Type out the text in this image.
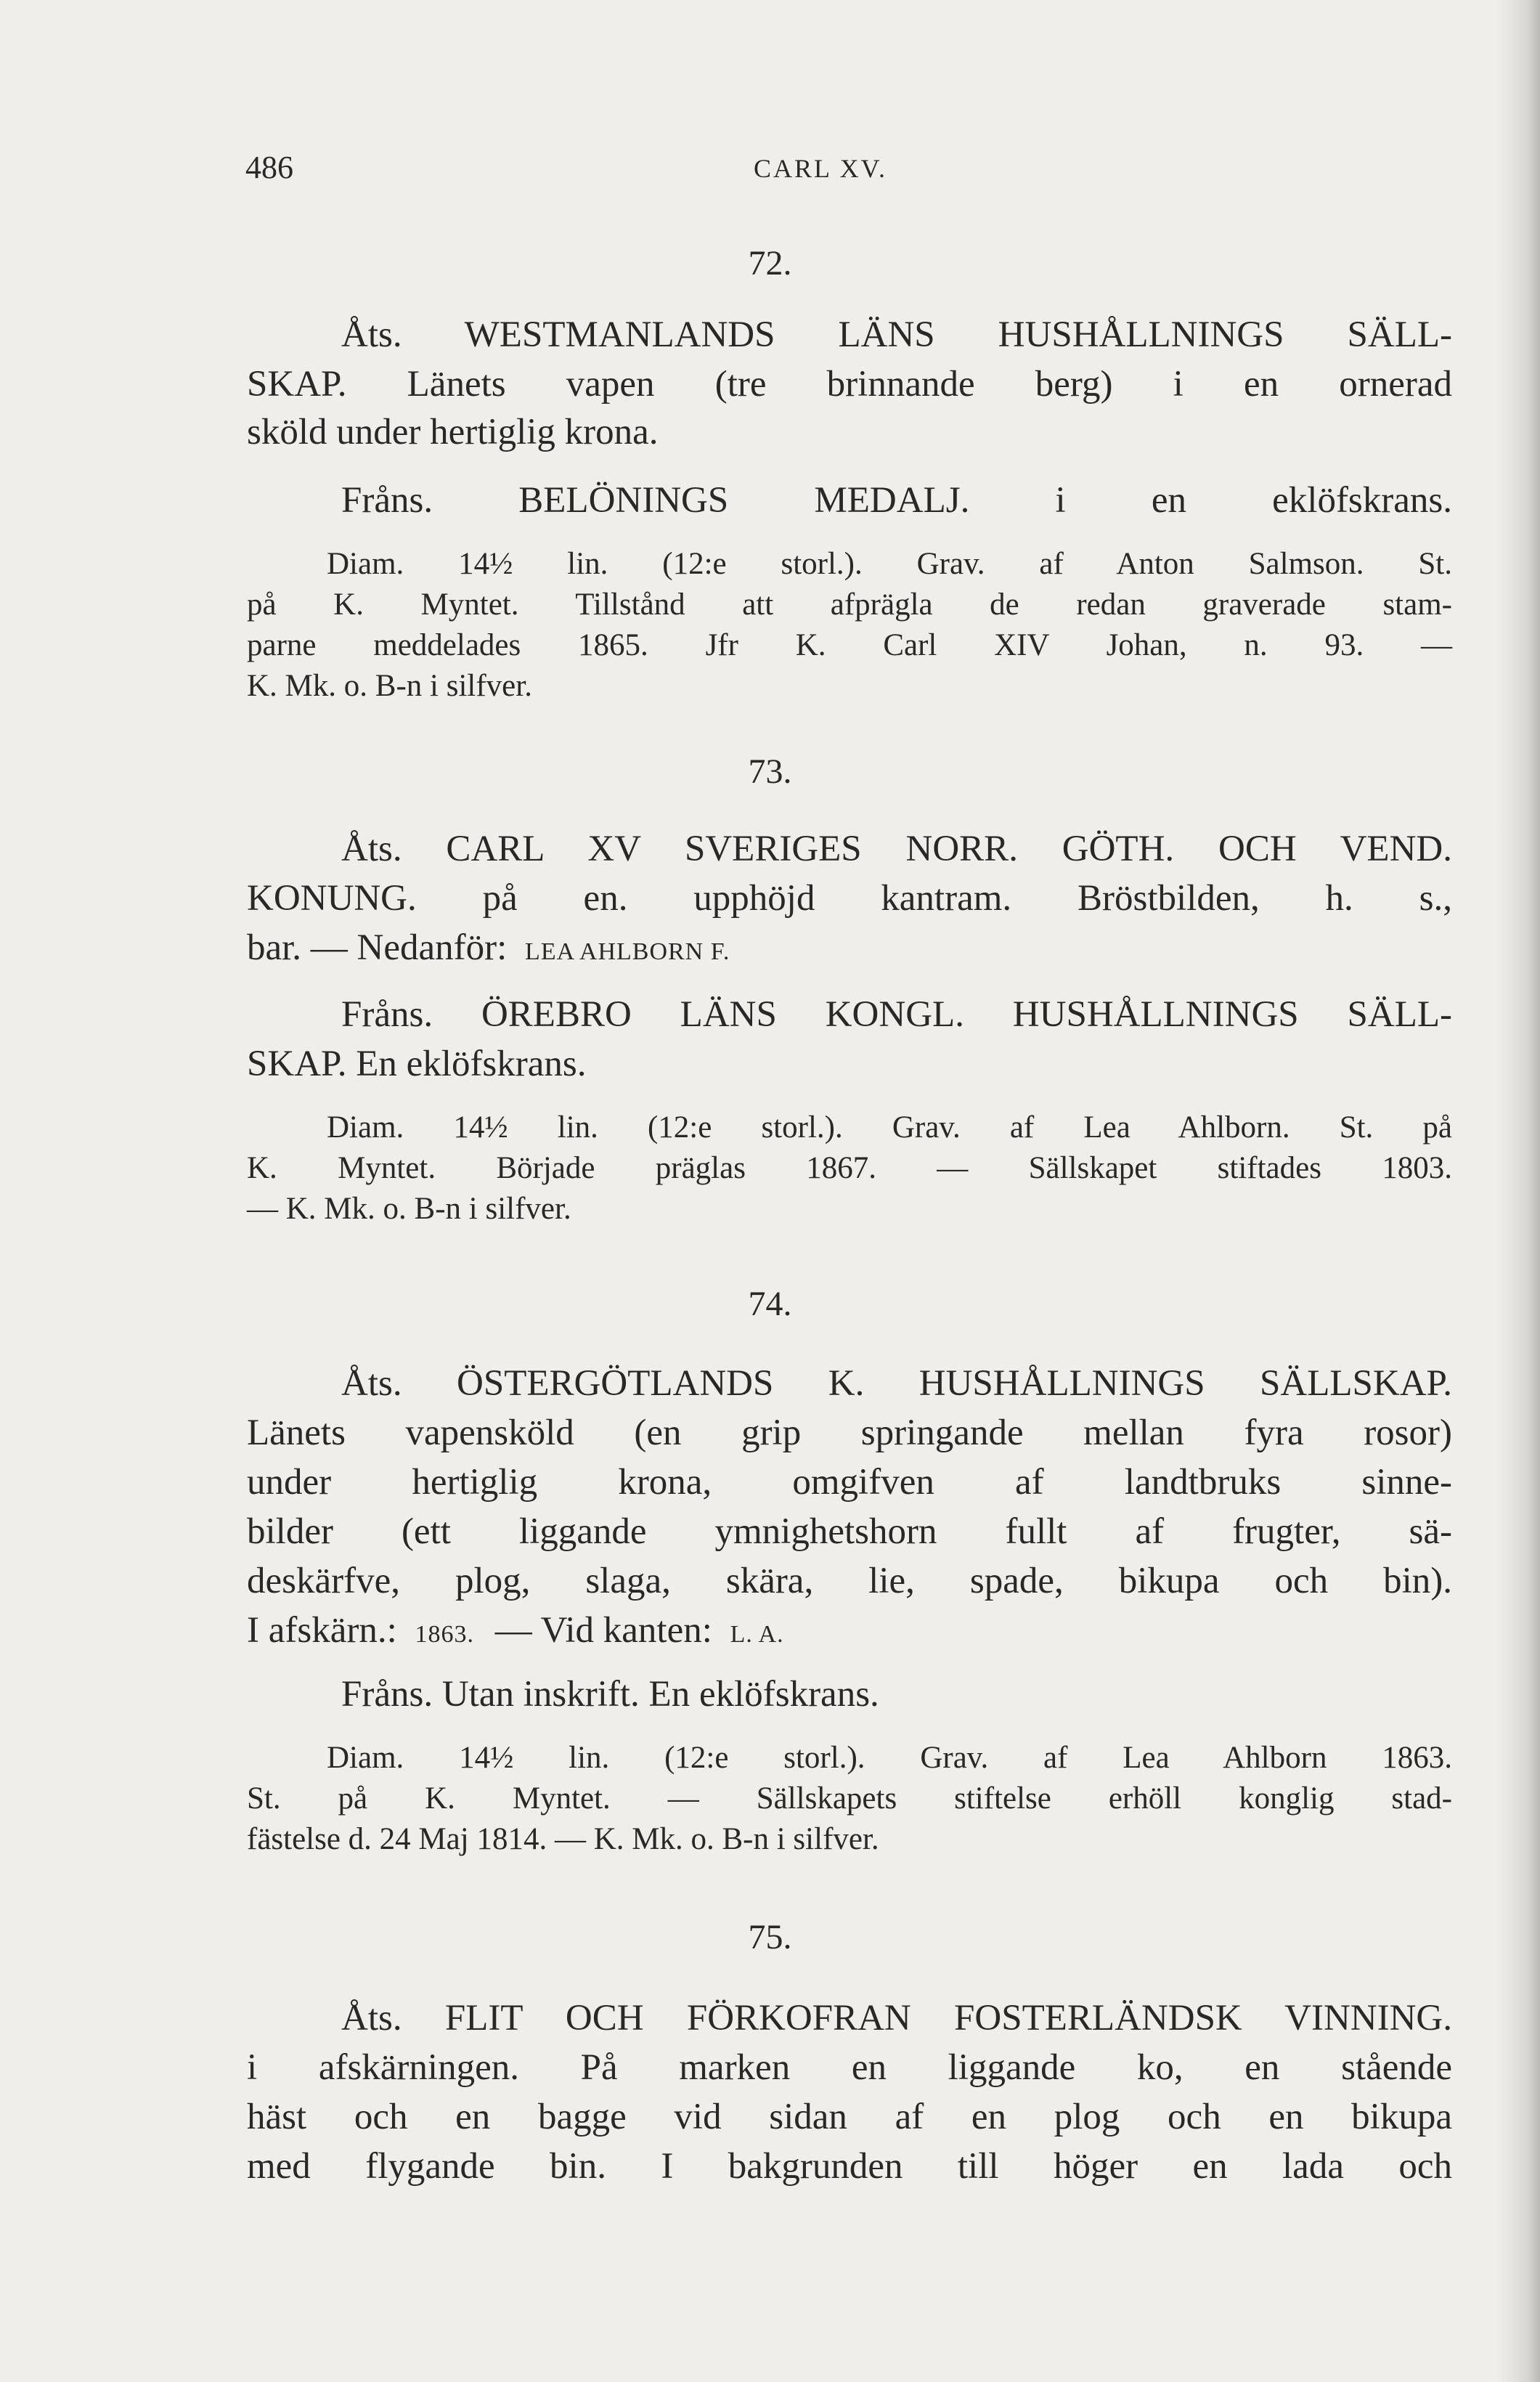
486	CARL XV.
72.
Åts. WESTMANLANDS LÄNS HUSHÅLLNINGS SÄLL-
SKAP. Länets vapen (tre brinnande berg) i en ornerad
sköld under hertiglig krona.
Fråns. BELÖNINGS MEDALJ. i en eklöfskrans.
Diam. 14½ lin. (12:e storl.). Grav. af Anton Salmson. St.
på K. Myntet. Tillstånd att afprägla de redan graverade stam-
parne meddelades 1865. Jfr K. Carl XIV Johan, n. 93. —
K. Mk. o. B-n i silfver.
73.
Åts. CARL XV SVERIGES NORR. GÖTH. OCH VEND.
KONUNG. på en. upphöjd kantram. Bröstbilden, h. s.,
bar. — Nedanför: LEA AHLBORN F.
Fråns. ÖREBRO LÄNS KONGL. HUSHÅLLNINGS SÄLL-
SKAP. En eklöfskrans.
Diam. 14½ lin. (12:e storl.). Grav. af Lea Ahlborn. St. på
K. Myntet. Började präglas 1867. — Sällskapet stiftades 1803.
— K. Mk. o. B-n i silfver.
74.
Åts. ÖSTERGÖTLANDS K. HUSHÅLLNINGS SÄLLSKAP.
Länets vapensköld (en grip springande mellan fyra rosor)
under hertiglig krona, omgifven af landtbruks sinne-
bilder (ett liggande ymnighetshorn fullt af frugter, sä-
deskärfve, plog, slaga, skära, lie, spade, bikupa och bin).
I afskärn.: 1863. — Vid kanten: L. A.
Fråns. Utan inskrift. En eklöfskrans.
Diam. 14½ lin. (12:e storl.). Grav. af Lea Ahlborn 1863.
St. på K. Myntet. — Sällskapets stiftelse erhöll konglig stad-
fästelse d. 24 Maj 1814. — K. Mk. o. B-n i silfver.
75.
Åts. FLIT OCH FÖRKOFRAN FOSTERLÄNDSK VINNING.
i afskärningen. På marken en liggande ko, en stående
häst och en bagge vid sidan af en plog och en bikupa
med flygande bin. I bakgrunden till höger en lada och
